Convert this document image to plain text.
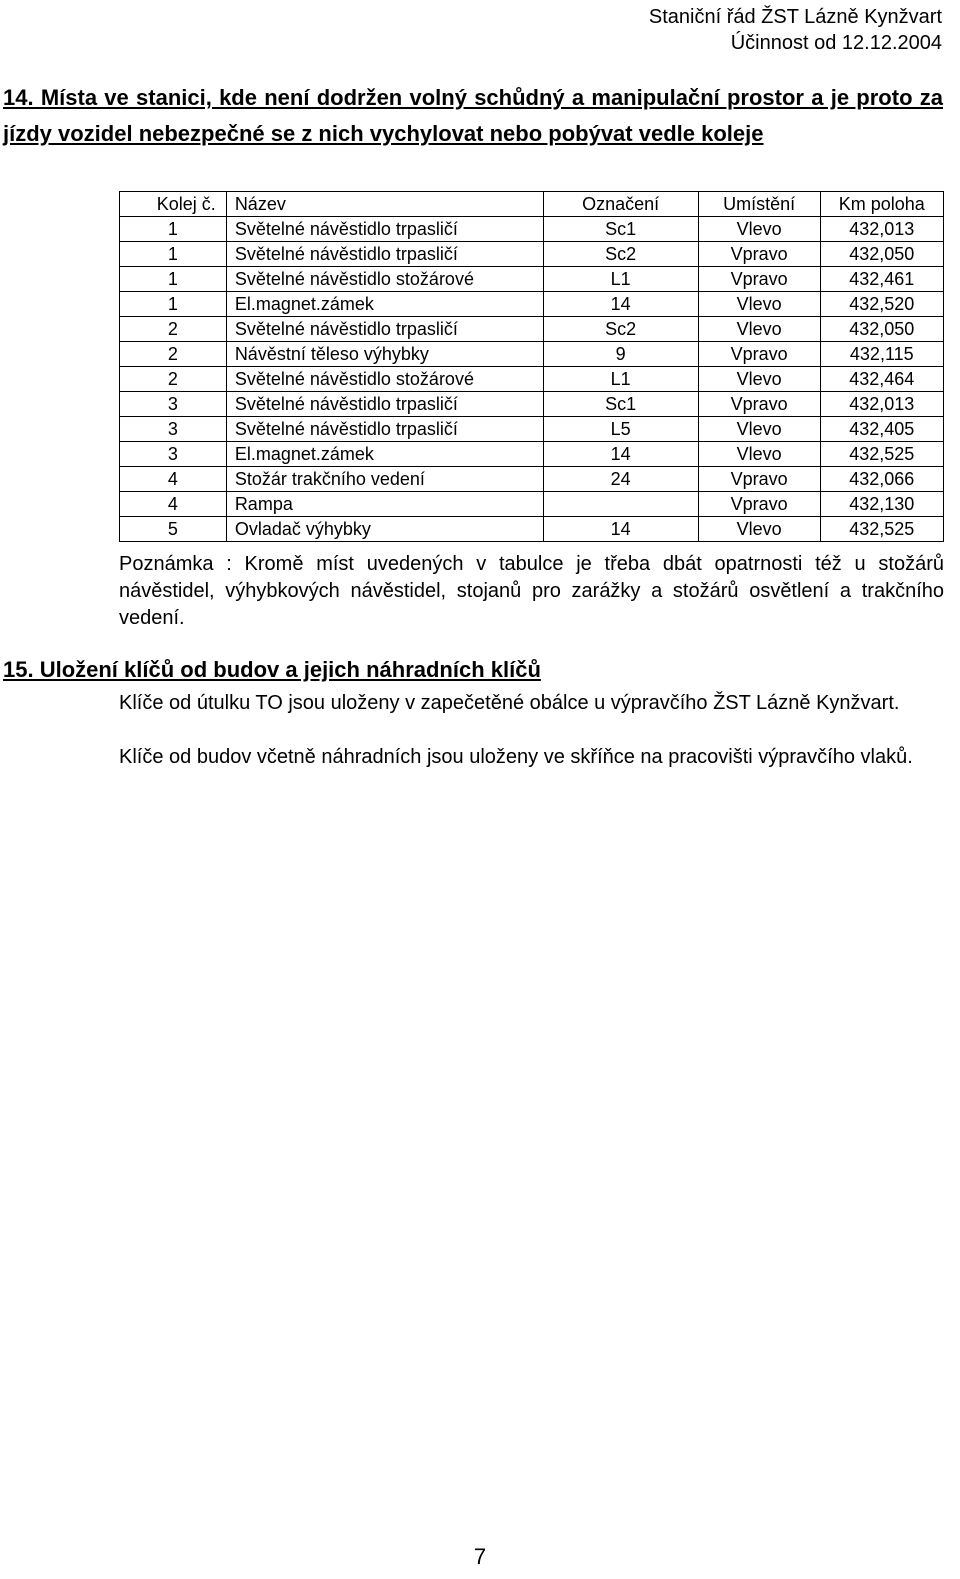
Staniční řád ŽST Lázně Kynžvart
Účinnost od 12.12.2004

14. Místa ve stanici, kde není dodržen volný schůdný a manipulační prostor a je proto za jízdy vozidel nebezpečné se z nich vychylovat nebo pobývat vedle koleje

Kolej č.	Název	Označení	Umístění	Km poloha
1	Světelné návěstidlo trpasličí	Sc1	Vlevo	432,013
1	Světelné návěstidlo trpasličí	Sc2	Vpravo	432,050
1	Světelné návěstidlo stožárové	L1	Vpravo	432,461
1	El.magnet.zámek	14	Vlevo	432,520
2	Světelné návěstidlo trpasličí	Sc2	Vlevo	432,050
2	Návěstní těleso výhybky	9	Vpravo	432,115
2	Světelné návěstidlo stožárové	L1	Vlevo	432,464
3	Světelné návěstidlo trpasličí	Sc1	Vpravo	432,013
3	Světelné návěstidlo trpasličí	L5	Vlevo	432,405
3	El.magnet.zámek	14	Vlevo	432,525
4	Stožár trakčního vedení	24	Vpravo	432,066
4	Rampa		Vpravo	432,130
5	Ovladač výhybky	14	Vlevo	432,525

Poznámka : Kromě míst uvedených v tabulce je třeba dbát opatrnosti též u stožárů návěstidel, výhybkových návěstidel, stojanů pro zarážky a stožárů osvětlení a trakčního vedení.

15. Uložení klíčů od budov a jejich náhradních klíčů

Klíče od útulku TO jsou uloženy v zapečetěné obálce u výpravčího ŽST Lázně Kynžvart.

Klíče od budov včetně náhradních jsou uloženy ve skříňce na pracovišti výpravčího vlaků.

7
